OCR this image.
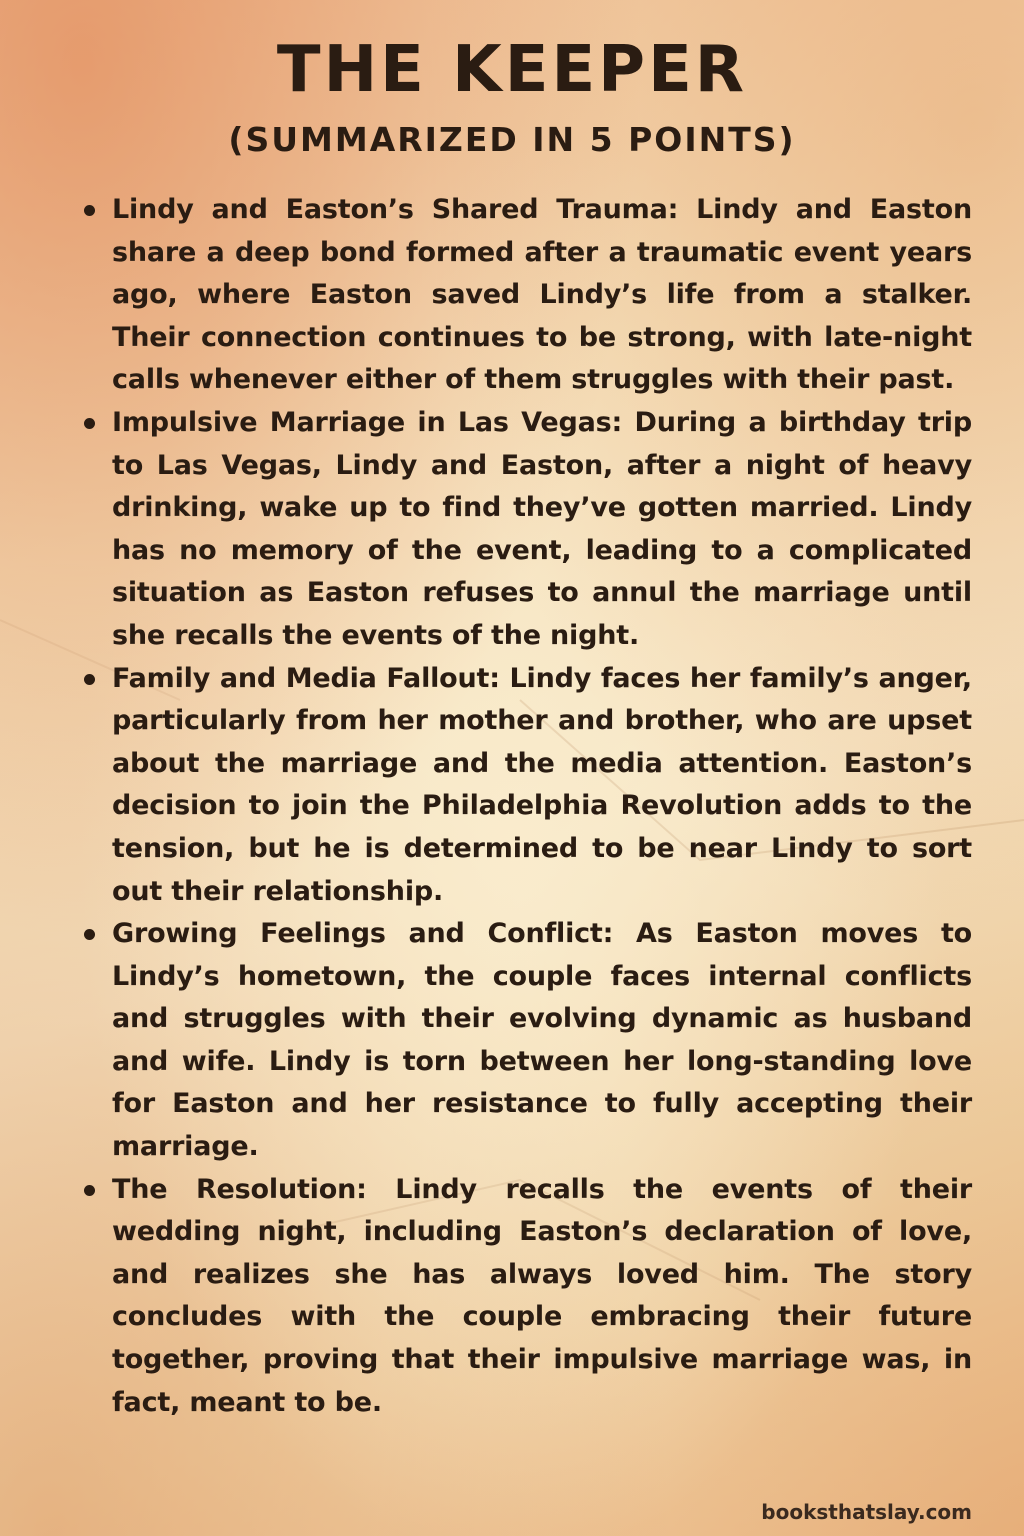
THE KEEPER
(SUMMARIZED IN 5 POINTS)
Lindy and Easton’s Shared Trauma: Lindy and Easton share a deep bond formed after a traumatic event years ago, where Easton saved Lindy’s life from a stalker. Their connection continues to be strong, with late-night calls whenever either of them struggles with their past.
Impulsive Marriage in Las Vegas: During a birthday trip to Las Vegas, Lindy and Easton, after a night of heavy drinking, wake up to find they’ve gotten married. Lindy has no memory of the event, leading to a complicated situation as Easton refuses to annul the marriage until she recalls the events of the night.
Family and Media Fallout: Lindy faces her family’s anger, particularly from her mother and brother, who are upset about the marriage and the media attention. Easton’s decision to join the Philadelphia Revolution adds to the tension, but he is determined to be near Lindy to sort out their relationship.
Growing Feelings and Conflict: As Easton moves to Lindy’s hometown, the couple faces internal conflicts and struggles with their evolving dynamic as husband and wife. Lindy is torn between her long-standing love for Easton and her resistance to fully accepting their marriage.
The Resolution: Lindy recalls the events of their wedding night, including Easton’s declaration of love, and realizes she has always loved him. The story concludes with the couple embracing their future together, proving that their impulsive marriage was, in fact, meant to be.
booksthatslay.com
